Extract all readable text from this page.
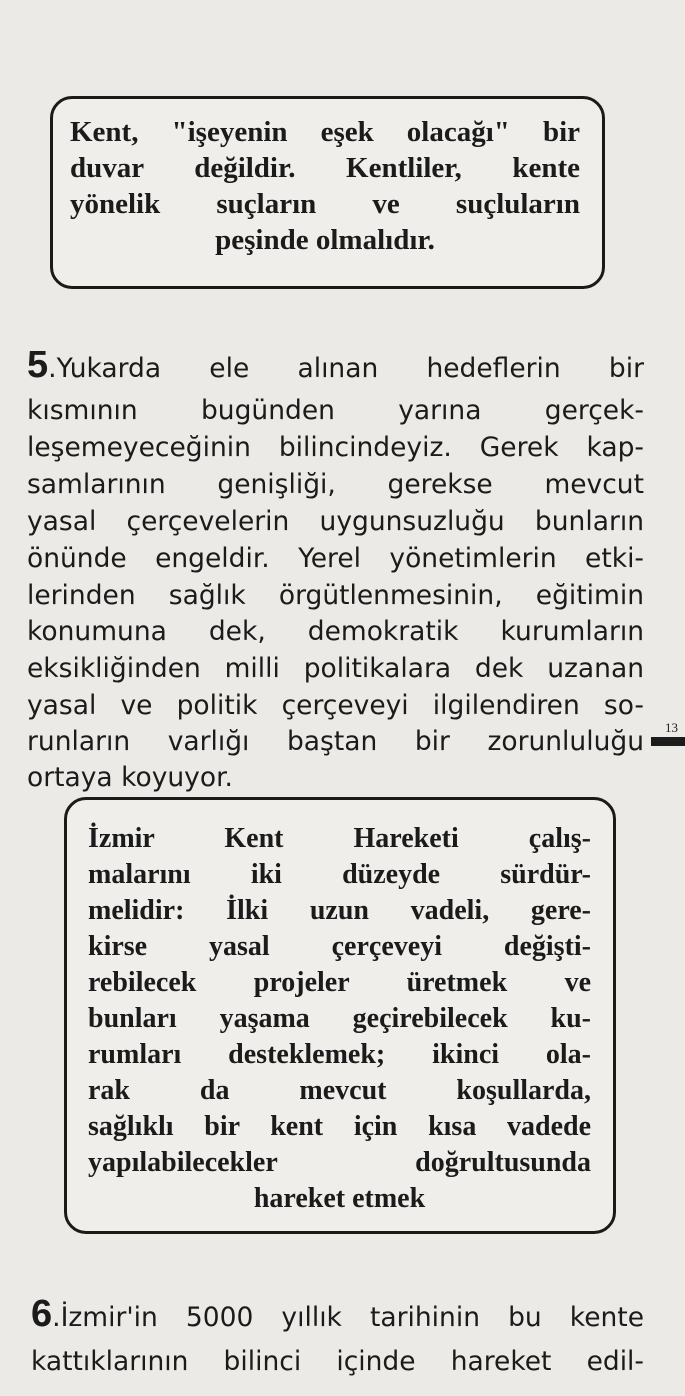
Kent, "işeyenin eşek olacağı" bir
duvar değildir. Kentliler, kente
yönelik suçların ve suçluların
peşinde olmalıdır.
5.Yukarda ele alınan hedeflerin bir
kısmının bugünden yarına gerçek-
leşemeyeceğinin bilincindeyiz. Gerek kap-
samlarının genişliği, gerekse mevcut
yasal çerçevelerin uygunsuzluğu bunların
önünde engeldir. Yerel yönetimlerin etki-
lerinden sağlık örgütlenmesinin, eğitimin
konumuna dek, demokratik kurumların
eksikliğinden milli politikalara dek uzanan
yasal ve politik çerçeveyi ilgilendiren so-
runların varlığı baştan bir zorunluluğu
ortaya koyuyor.
İzmir Kent Hareketi çalış-
malarını iki düzeyde sürdür-
melidir: İlki uzun vadeli, gere-
kirse yasal çerçeveyi değişti-
rebilecek projeler üretmek ve
bunları yaşama geçirebilecek ku-
rumları desteklemek; ikinci ola-
rak da mevcut koşullarda,
sağlıklı bir kent için kısa vadede
yapılabilecekler doğrultusunda
hareket etmek
6.İzmir'in 5000 yıllık tarihinin bu kente
kattıklarının bilinci içinde hareket edil-
13
